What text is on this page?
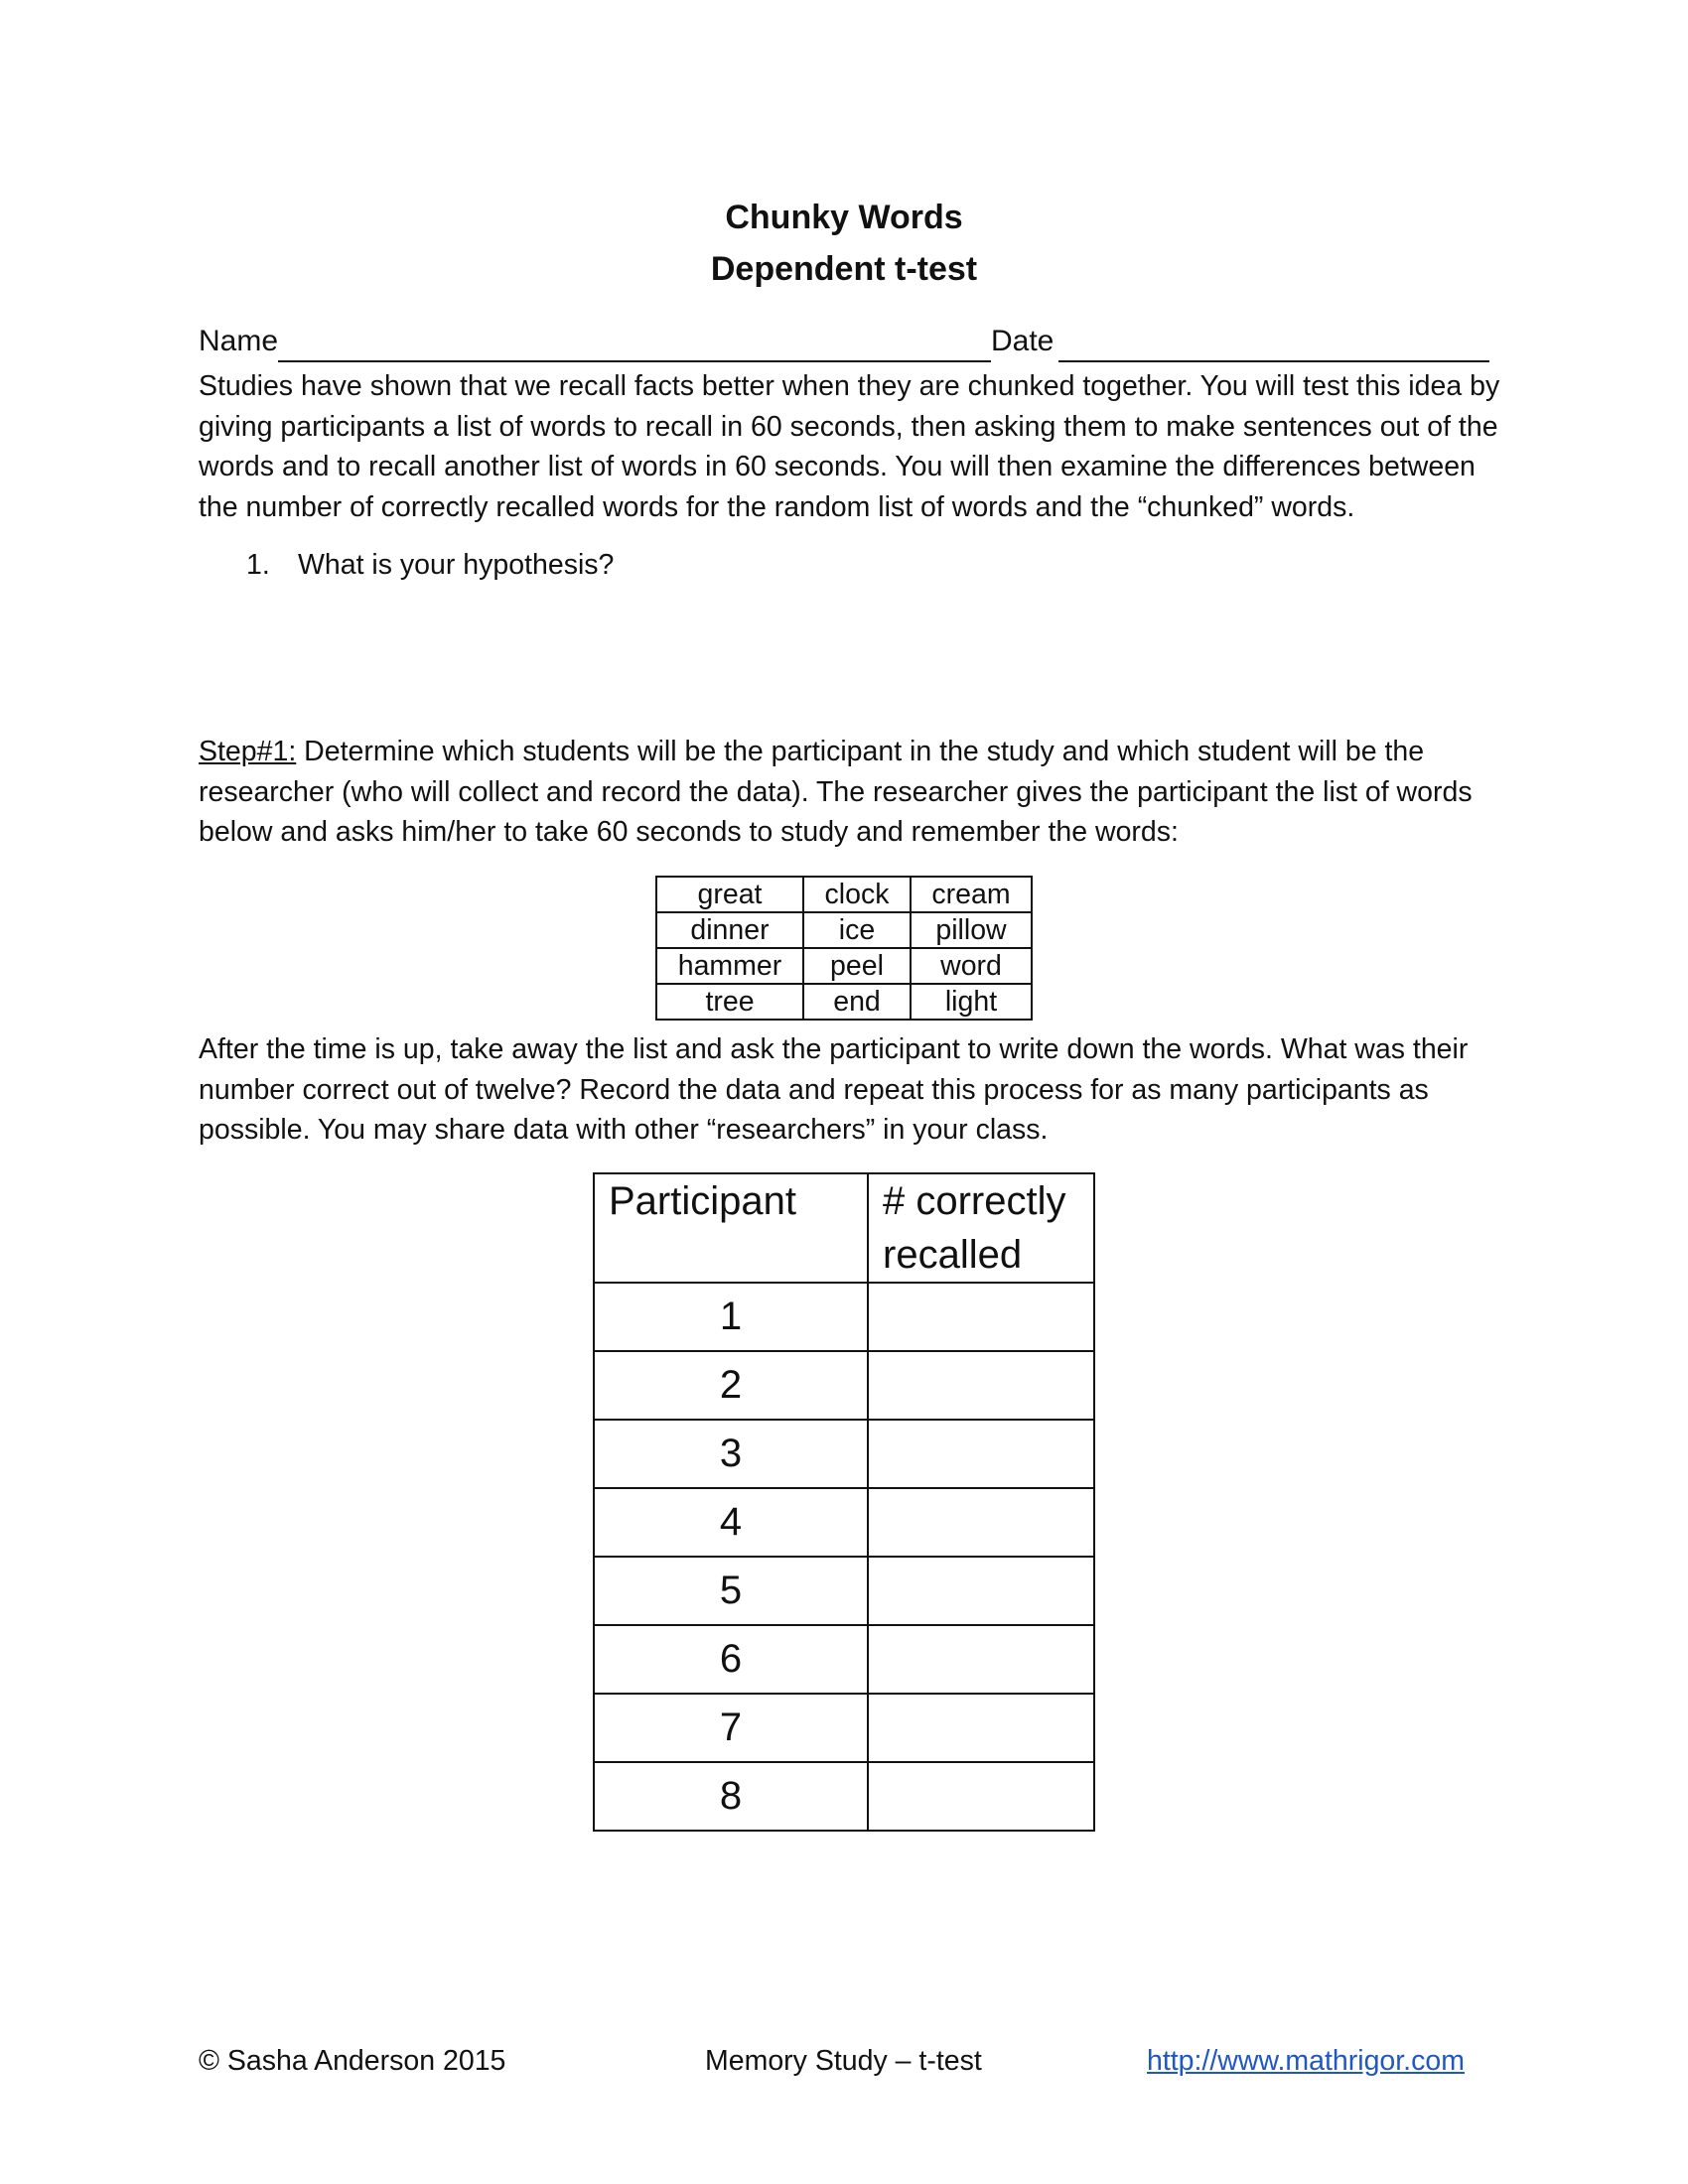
Chunky Words
Dependent t-test
Name	Date

Studies have shown that we recall facts better when they are chunked together. You will test this idea by giving participants a list of words to recall in 60 seconds, then asking them to make sentences out of the words and to recall another list of words in 60 seconds. You will then examine the differences between the number of correctly recalled words for the random list of words and the “chunked” words.

1. What is your hypothesis?

Step#1: Determine which students will be the participant in the study and which student will be the researcher (who will collect and record the data). The researcher gives the participant the list of words below and asks him/her to take 60 seconds to study and remember the words:

great	clock	cream
dinner	ice	pillow
hammer	peel	word
tree	end	light

After the time is up, take away the list and ask the participant to write down the words. What was their number correct out of twelve? Record the data and repeat this process for as many participants as possible. You may share data with other “researchers” in your class.

Participant	# correctly recalled
1	
2	
3	
4	
5	
6	
7	
8	
© Sasha Anderson 2015	Memory Study – t-test	http://www.mathrigor.com
